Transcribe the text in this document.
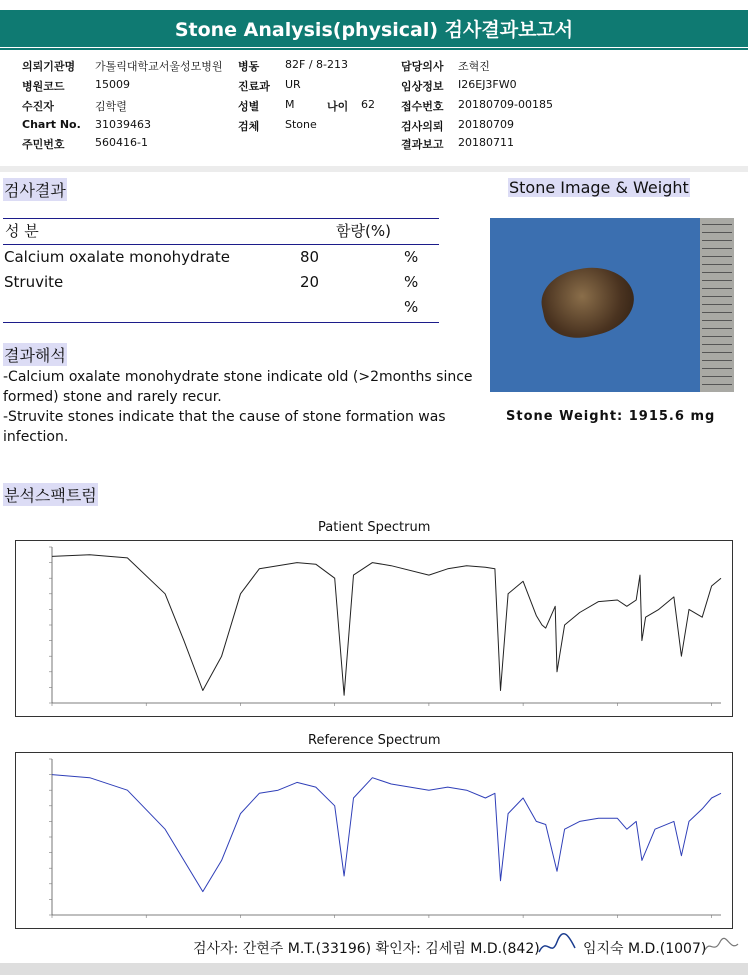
Stone Analysis(physical) 검사결과보고서
의뢰기관명 가톨릭대학교서울성모병원 병동 82F / 8-213	담당의사 조혁진
병원코드	15009	진료과 UR	임상정보 I26EJ3FW0
수진자	김학렬	성별 M	나이 62 접수번호 20180709-00185
Chart No. 31039463	검체 Stone	검사의뢰 20180709
주민번호	560416-1	결과보고 20180711
검사결과	Stone Image & Weight
성 분	함량(%)
Calcium oxalate monohydrate	80	%
Struvite	20	%
%
Stone Weight: 1915.6 mg
결과해석
-Calcium oxalate monohydrate stone indicate old (>2months since formed) stone and rarely recur.
-Struvite stones indicate that the cause of stone formation was infection.
분석스팩트럼
Patient Spectrum
Reference Spectrum
검사자: 간현주 M.T.(33196) 확인자: 김세림 M.D.(842)	임지숙 M.D.(1007)
